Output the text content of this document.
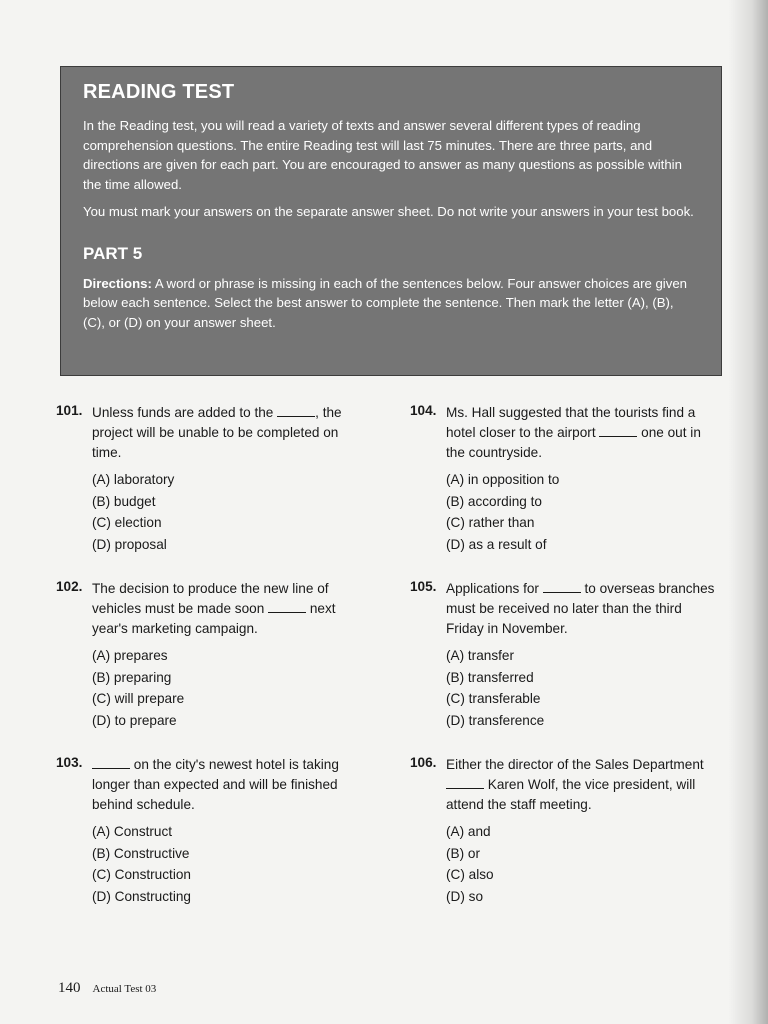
READING TEST

In the Reading test, you will read a variety of texts and answer several different types of reading comprehension questions. The entire Reading test will last 75 minutes. There are three parts, and directions are given for each part. You are encouraged to answer as many questions as possible within the time allowed.

You must mark your answers on the separate answer sheet. Do not write your answers in your test book.

PART 5

Directions: A word or phrase is missing in each of the sentences below. Four answer choices are given below each sentence. Select the best answer to complete the sentence. Then mark the letter (A), (B), (C), or (D) on your answer sheet.

101. Unless funds are added to the	, the project will be unable to be completed on time.
(A) laboratory
(B) budget
(C) election
(D) proposal
102. The decision to produce the new line of vehicles must be made soon	next year's marketing campaign.
(A) prepares
(B) preparing
(C) will prepare
(D) to prepare
103.	on the city's newest hotel is taking longer than expected and will be finished behind schedule.
(A) Construct
(B) Constructive
(C) Construction
(D) Constructing
104. Ms. Hall suggested that the tourists find a hotel closer to the airport	one out in the countryside.
(A) in opposition to
(B) according to
(C) rather than
(D) as a result of
105. Applications for	to overseas branches must be received no later than the third Friday in November.
(A) transfer
(B) transferred
(C) transferable
(D) transference
106. Either the director of the Sales Department  Karen Wolf, the vice president, will attend the staff meeting.
(A) and
(B) or
(C) also
(D) so
140 Actual Test 03
